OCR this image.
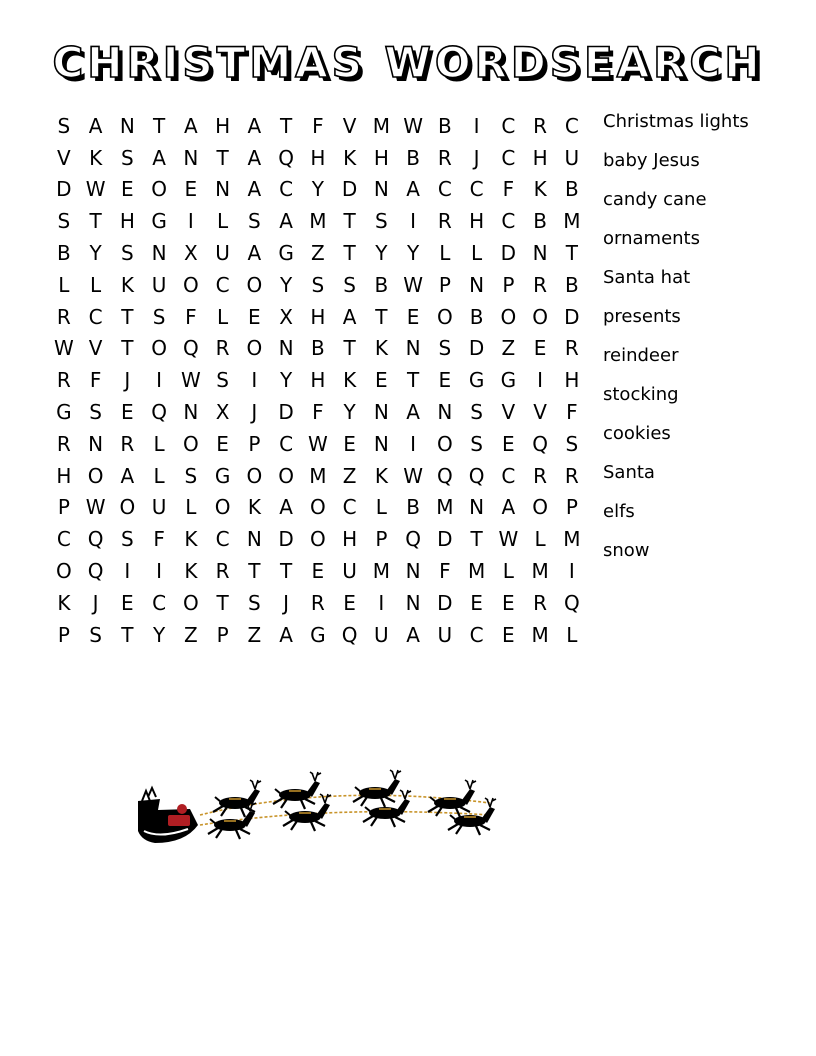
CHRISTMAS WORDSEARCH
S A N T A H A T F V M W B	I	C R C
V K S A N T A Q H K H B R	J	C H U
D W E O E N A C Y D N A C C F K B
S T H G	I	L S A M T S	I	R H C B M
B Y S N X U A G Z T Y Y	L	L D N T
L	L K U O C O Y S S B W P N P R B
R C T S F	L E X H A T E O B O O D
W V T O Q R O N B T K N S D Z E R
R F	J	I W S	I	Y H K E T E G G	I	H
G S E Q N X	J	D F Y N A N S V V F
R N R L O E P C W E N	I	O S E Q S
H O A L S G O O M Z K W Q Q C R R
P W O U L O K A O C L B M N A O P
C Q S F K C N D O H P Q D T W L M
O Q	I	I	K R T T E U M N F M L M	I
K	J	E C O T S	J	R E	I	N D E E R Q
P S T Y Z P Z A G Q U A U C E M L
Christmas lights
baby Jesus
candy cane
ornaments
Santa hat
presents
reindeer
stocking
cookies
Santa
elfs
snow
